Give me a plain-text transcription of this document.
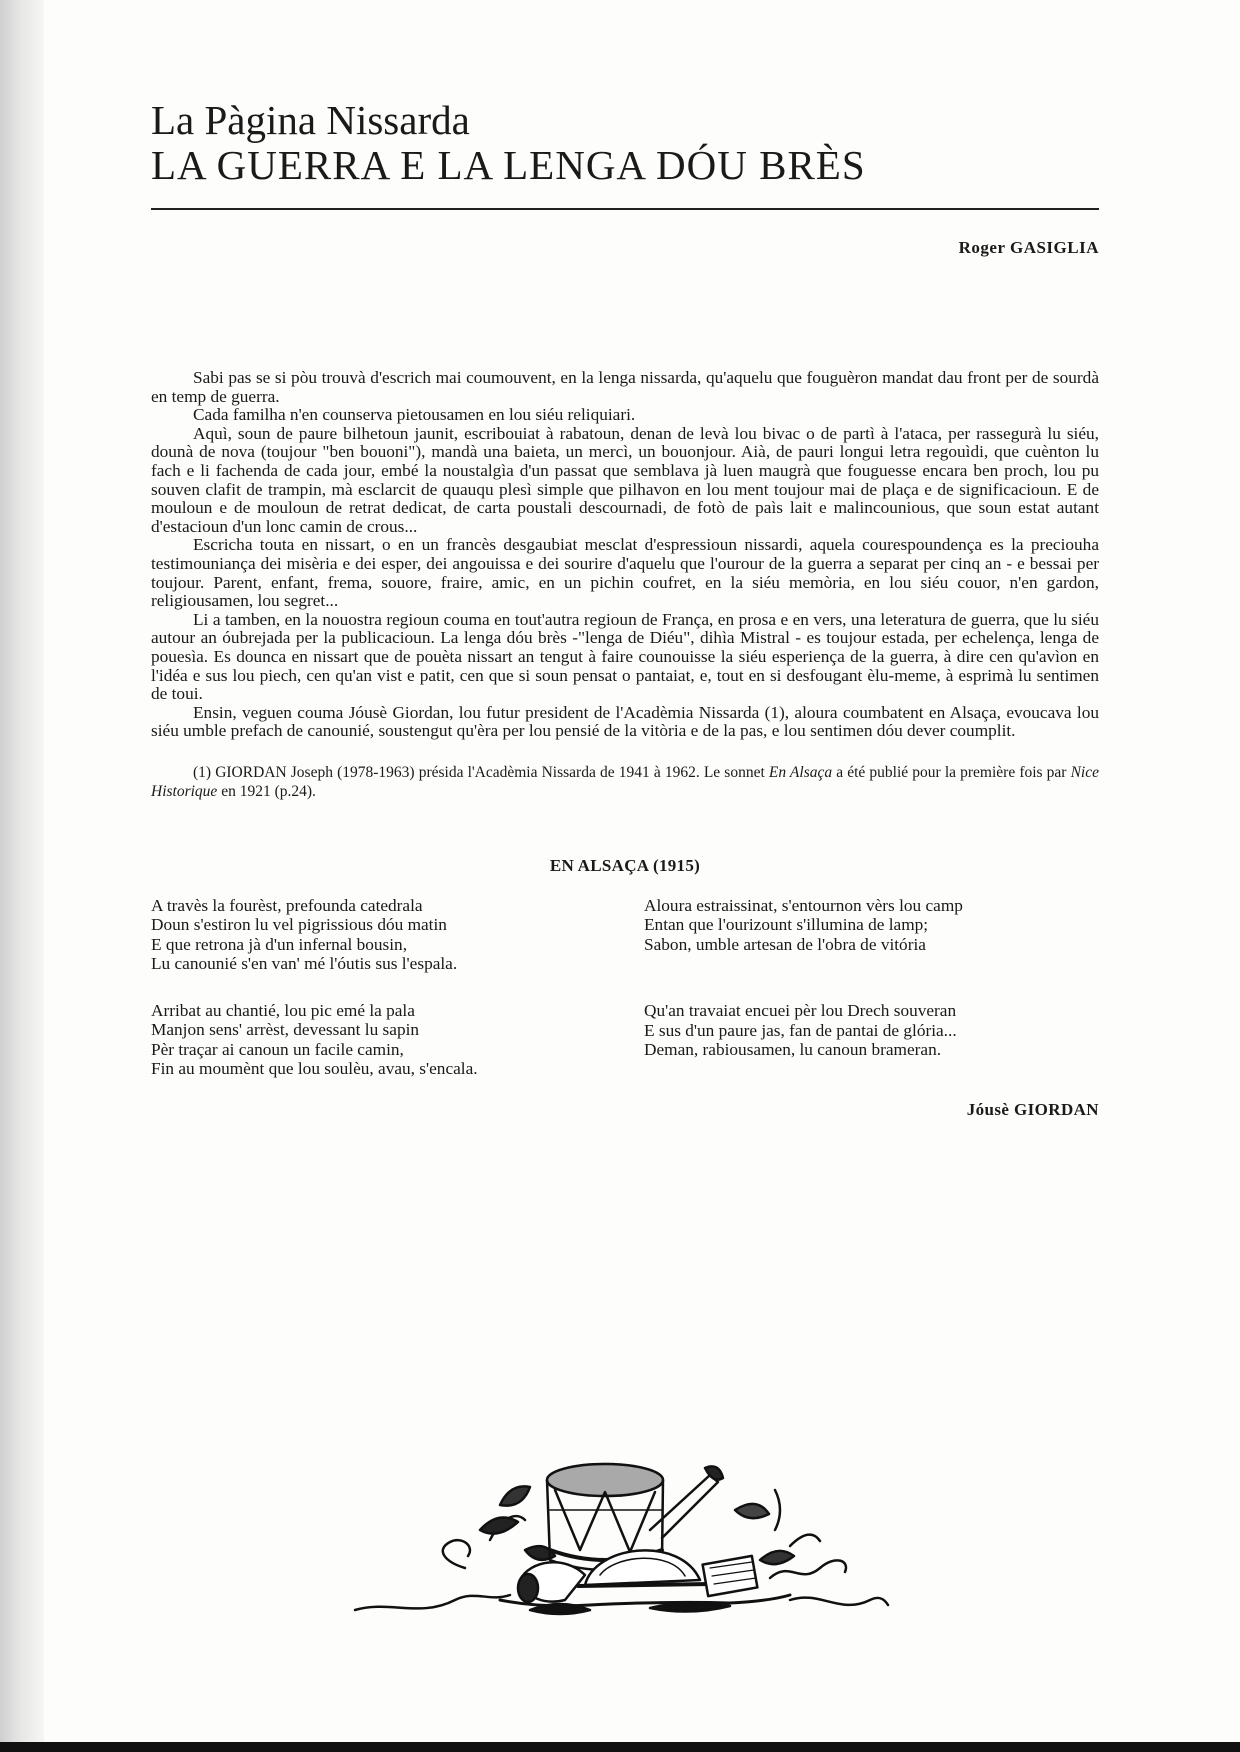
La Pàgina Nissarda
LA GUERRA E LA LENGA DÓU BRÈS
Roger GASIGLIA

Sabi pas se si pòu trouvà d'escrich mai coumouvent, en la lenga nissarda, qu'aquelu que fouguèron mandat dau front per de sourdà en temp de guerra.

Cada familha n'en counserva pietousamen en lou siéu reliquiari.

Aquì, soun de paure bilhetoun jaunit, escribouiat à rabatoun, denan de levà lou bivac o de partì à l'ataca, per rassegurà lu siéu, dounà de nova (toujour "ben bouoni"), mandà una baieta, un mercì, un bouonjour. Aià, de pauri longui letra regouìdi, que cuènton lu fach e li fachenda de cada jour, embé la noustalgìa d'un passat que semblava jà luen maugrà que fouguesse encara ben proch, lou pu souven clafit de trampin, mà esclarcit de quauqu plesì simple que pilhavon en lou ment toujour mai de plaça e de significacioun. E de mouloun e de mouloun de retrat dedicat, de carta poustali descournadi, de fotò de paìs lait e malincounious, que soun estat autant d'estacioun d'un lonc camin de crous...

Escricha touta en nissart, o en un francès desgaubiat mesclat d'espressioun nissardi, aquela courespoundença es la preciouha testimouniança dei misèria e dei esper, dei angouissa e dei sourire d'aquelu que l'ourour de la guerra a separat per cinq an - e bessai per toujour. Parent, enfant, frema, souore, fraire, amic, en un pichin coufret, en la siéu memòria, en lou siéu couor, n'en gardon, religiousamen, lou segret...

Li a tamben, en la nouostra regioun couma en tout'autra regioun de França, en prosa e en vers, una leteratura de guerra, que lu siéu autour an óubrejada per la publicacioun. La lenga dóu brès -"lenga de Diéu", dihìa Mistral - es toujour estada, per echelença, lenga de pouesìa. Es dounca en nissart que de pouèta nissart an tengut à faire counouisse la siéu esperiença de la guerra, à dire cen qu'avìon en l'idéa e sus lou piech, cen qu'an vist e patit, cen que si soun pensat o pantaiat, e, tout en si desfougant èlu-meme, à esprimà lu sentimen de toui.

Ensin, veguen couma Jóusè Giordan, lou futur president de l'Acadèmia Nissarda (1), aloura coumbatent en Alsaça, evoucava lou siéu umble prefach de canounié, soustengut qu'èra per lou pensié de la vitòria e de la pas, e lou sentimen dóu dever coumplit.

(1) GIORDAN Joseph (1978-1963) présida l'Acadèmia Nissarda de 1941 à 1962. Le sonnet En Alsaça a été publié pour la première fois par Nice Historique en 1921 (p.24).
EN ALSAÇA (1915)
A travès la fourèst, prefounda catedrala
Doun s'estiron lu vel pigrissious dóu matin
E que retrona jà d'un infernal bousin,
Lu canounié s'en van' mé l'óutis sus l'espala.
Arribat au chantié, lou pic emé la pala
Manjon sens' arrèst, devessant lu sapin
Pèr traçar ai canoun un facile camin,
Fin au moumènt que lou soulèu, avau, s'encala.
Aloura estraissinat, s'entournon vèrs lou camp
Entan que l'ourizount s'illumina de lamp;
Sabon, umble artesan de l'obra de vitória
Qu'an travaiat encuei pèr lou Drech souveran
E sus d'un paure jas, fan de pantai de glória...
Deman, rabiousamen, lu canoun brameran.
Jóusè GIORDAN
